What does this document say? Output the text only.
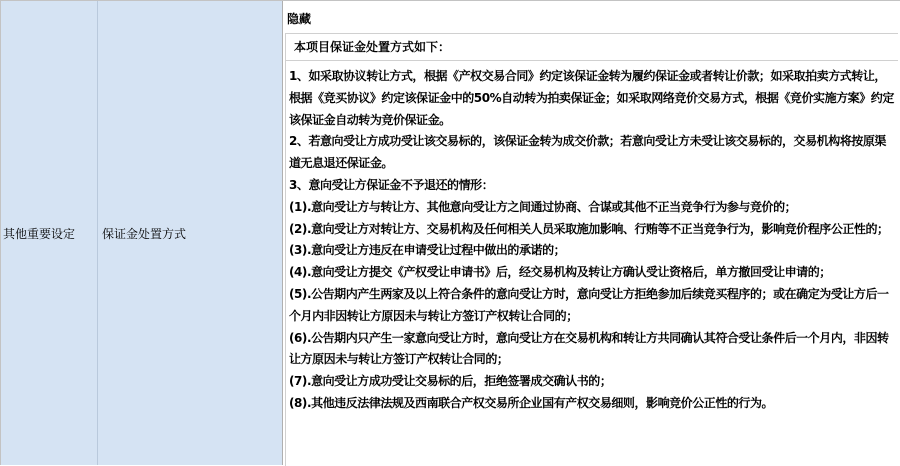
其他重要设定	保证金处置方式
隐藏
本项目保证金处置方式如下：

1、如采取协议转让方式，根据《产权交易合同》约定该保证金转为履约保证金或者转让价款；如采取拍卖方式转让，根据《竞买协议》约定该保证金中的50%自动转为拍卖保证金；如采取网络竞价交易方式，根据《竞价实施方案》约定该保证金自动转为竞价保证金。

2、若意向受让方成功受让该交易标的，该保证金转为成交价款；若意向受让方未受让该交易标的，交易机构将按原渠道无息退还保证金。

3、意向受让方保证金不予退还的情形：

(1).意向受让方与转让方、其他意向受让方之间通过协商、合谋或其他不正当竞争行为参与竞价的；

(2).意向受让方对转让方、交易机构及任何相关人员采取施加影响、行贿等不正当竞争行为，影响竞价程序公正性的；

(3).意向受让方违反在申请受让过程中做出的承诺的；

(4).意向受让方提交《产权受让申请书》后，经交易机构及转让方确认受让资格后，单方撤回受让申请的；

(5).公告期内产生两家及以上符合条件的意向受让方时，意向受让方拒绝参加后续竞买程序的；或在确定为受让方后一个月内非因转让方原因未与转让方签订产权转让合同的；

(6).公告期内只产生一家意向受让方时，意向受让方在交易机构和转让方共同确认其符合受让条件后一个月内，非因转让方原因未与转让方签订产权转让合同的；

(7).意向受让方成功受让交易标的后，拒绝签署成交确认书的；

(8).其他违反法律法规及西南联合产权交易所企业国有产权交易细则，影响竞价公正性的行为。
